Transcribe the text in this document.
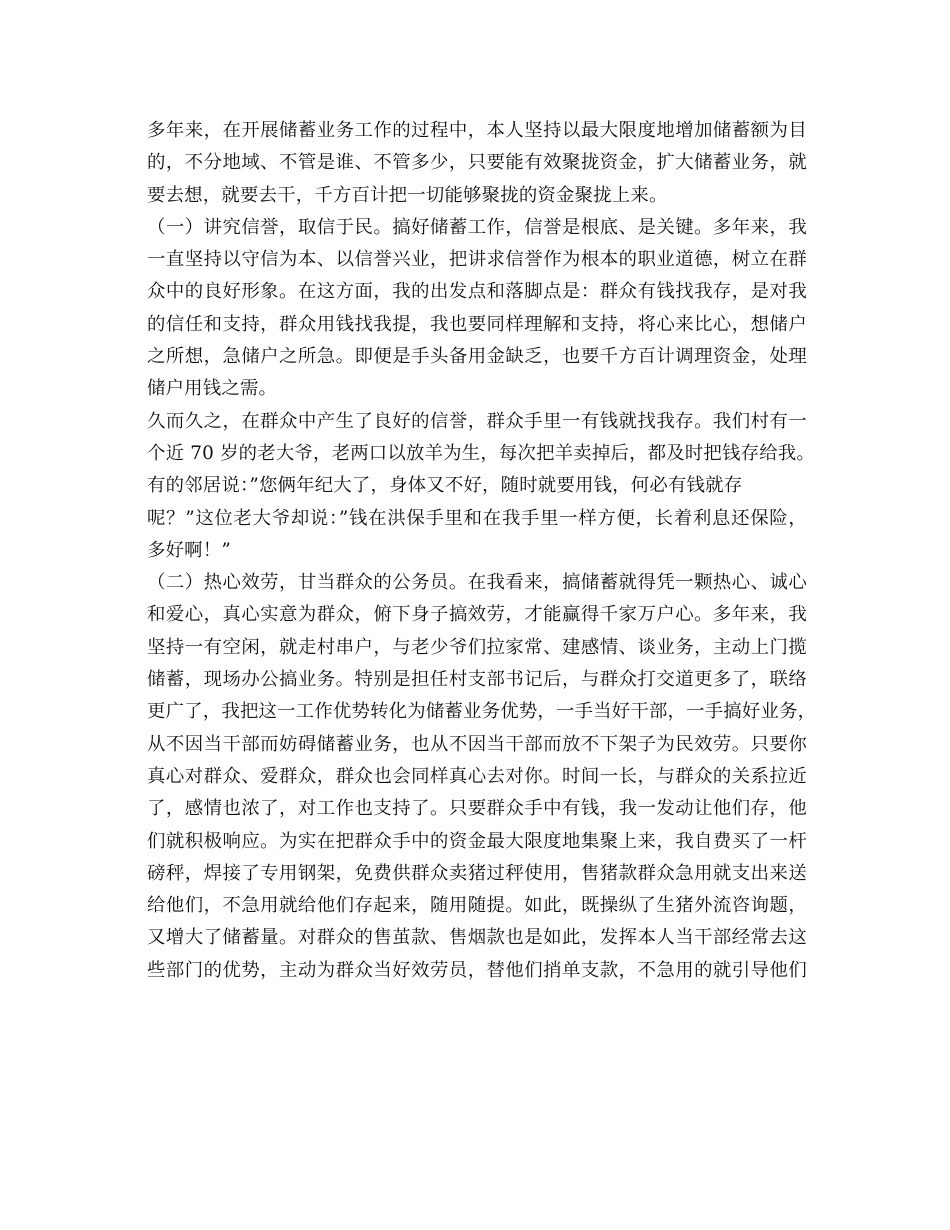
多年来，在开展储蓄业务工作的过程中，本人坚持以最大限度地增加储蓄额为目
的，不分地域、不管是谁、不管多少，只要能有效聚拢资金，扩大储蓄业务，就
要去想，就要去干，千方百计把一切能够聚拢的资金聚拢上来。
（一）讲究信誉，取信于民。搞好储蓄工作，信誉是根底、是关键。多年来，我
一直坚持以守信为本、以信誉兴业，把讲求信誉作为根本的职业道德，树立在群
众中的良好形象。在这方面，我的出发点和落脚点是：群众有钱找我存，是对我
的信任和支持，群众用钱找我提，我也要同样理解和支持，将心来比心，想储户
之所想，急储户之所急。即便是手头备用金缺乏，也要千方百计调理资金，处理
储户用钱之需。
久而久之，在群众中产生了良好的信誉，群众手里一有钱就找我存。我们村有一
个近 70 岁的老大爷，老两口以放羊为生，每次把羊卖掉后，都及时把钱存给我。
有的邻居说：”您俩年纪大了，身体又不好，随时就要用钱，何必有钱就存
呢？”这位老大爷却说：”钱在洪保手里和在我手里一样方便，长着利息还保险，
多好啊！”
（二）热心效劳，甘当群众的公务员。在我看来，搞储蓄就得凭一颗热心、诚心
和爱心，真心实意为群众，俯下身子搞效劳，才能赢得千家万户心。多年来，我
坚持一有空闲，就走村串户，与老少爷们拉家常、建感情、谈业务，主动上门揽
储蓄，现场办公搞业务。特别是担任村支部书记后，与群众打交道更多了，联络
更广了，我把这一工作优势转化为储蓄业务优势，一手当好干部，一手搞好业务，
从不因当干部而妨碍储蓄业务，也从不因当干部而放不下架子为民效劳。只要你
真心对群众、爱群众，群众也会同样真心去对你。时间一长，与群众的关系拉近
了，感情也浓了，对工作也支持了。只要群众手中有钱，我一发动让他们存，他
们就积极响应。为实在把群众手中的资金最大限度地集聚上来，我自费买了一杆
磅秤，焊接了专用钢架，免费供群众卖猪过秤使用，售猪款群众急用就支出来送
给他们，不急用就给他们存起来，随用随提。如此，既操纵了生猪外流咨询题，
又增大了储蓄量。对群众的售茧款、售烟款也是如此，发挥本人当干部经常去这
些部门的优势，主动为群众当好效劳员，替他们捎单支款，不急用的就引导他们
